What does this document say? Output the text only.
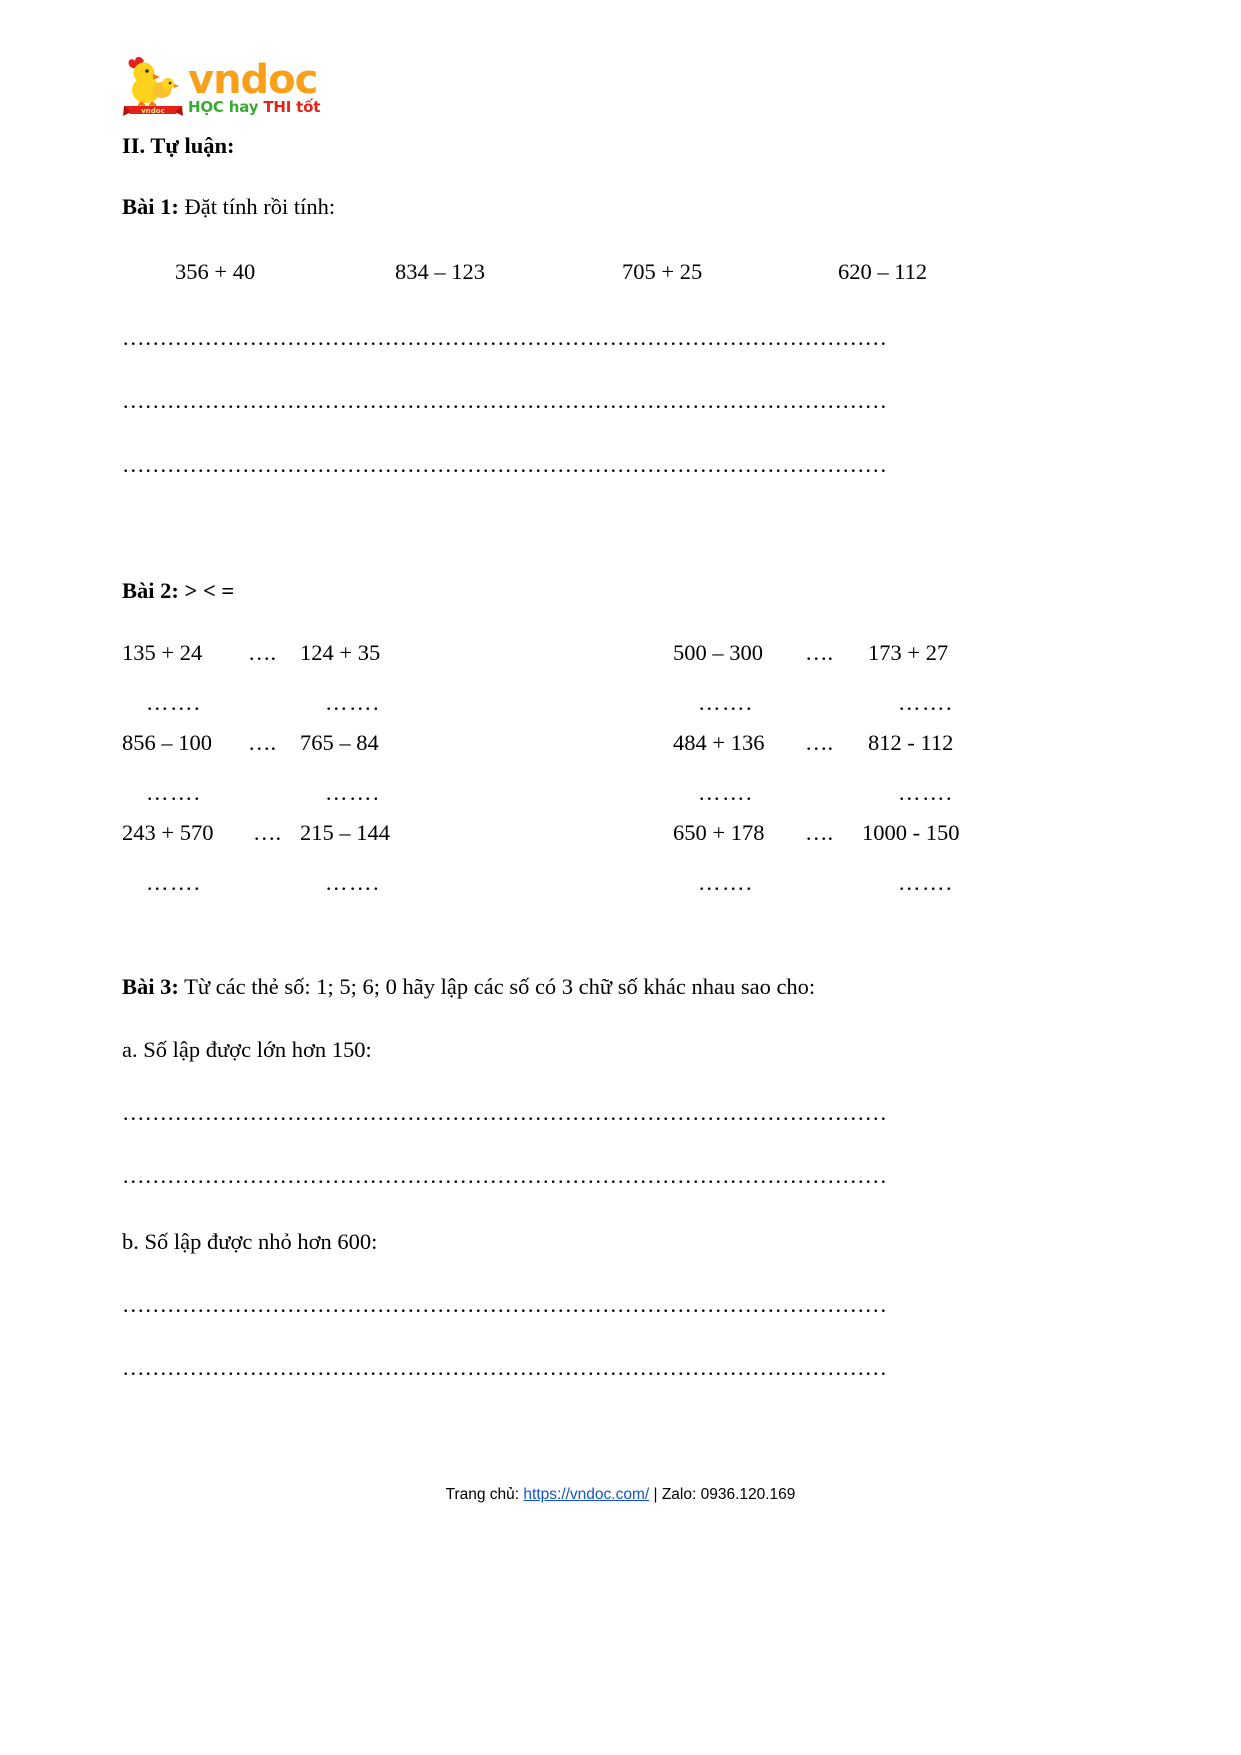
vndoc
vndoc
HỌC hay THI tốt
II. Tự luận:
Bài 1: Đặt tính rồi tính:
356 + 40	834 – 123	705 + 25	620 – 112
…………………………………………………………………………………………
…………………………………………………………………………………………
…………………………………………………………………………………………
Bài 2: > < =
135 + 24 …. 124 + 35	500 – 300 …. 173 + 27
…….	…….	…….	…….
856 – 100 …. 765 – 84	484 + 136 …. 812 - 112
…….	…….	…….	…….
243 + 570 …. 215 – 144	650 + 178 …. 1000 - 150
…….	…….	…….	…….
Bài 3: Từ các thẻ số: 1; 5; 6; 0 hãy lập các số có 3 chữ số khác nhau sao cho:
a. Số lập được lớn hơn 150:
…………………………………………………………………………………………
…………………………………………………………………………………………
b. Số lập được nhỏ hơn 600:
…………………………………………………………………………………………
…………………………………………………………………………………………
Trang chủ: https://vndoc.com/ | Zalo: 0936.120.169
